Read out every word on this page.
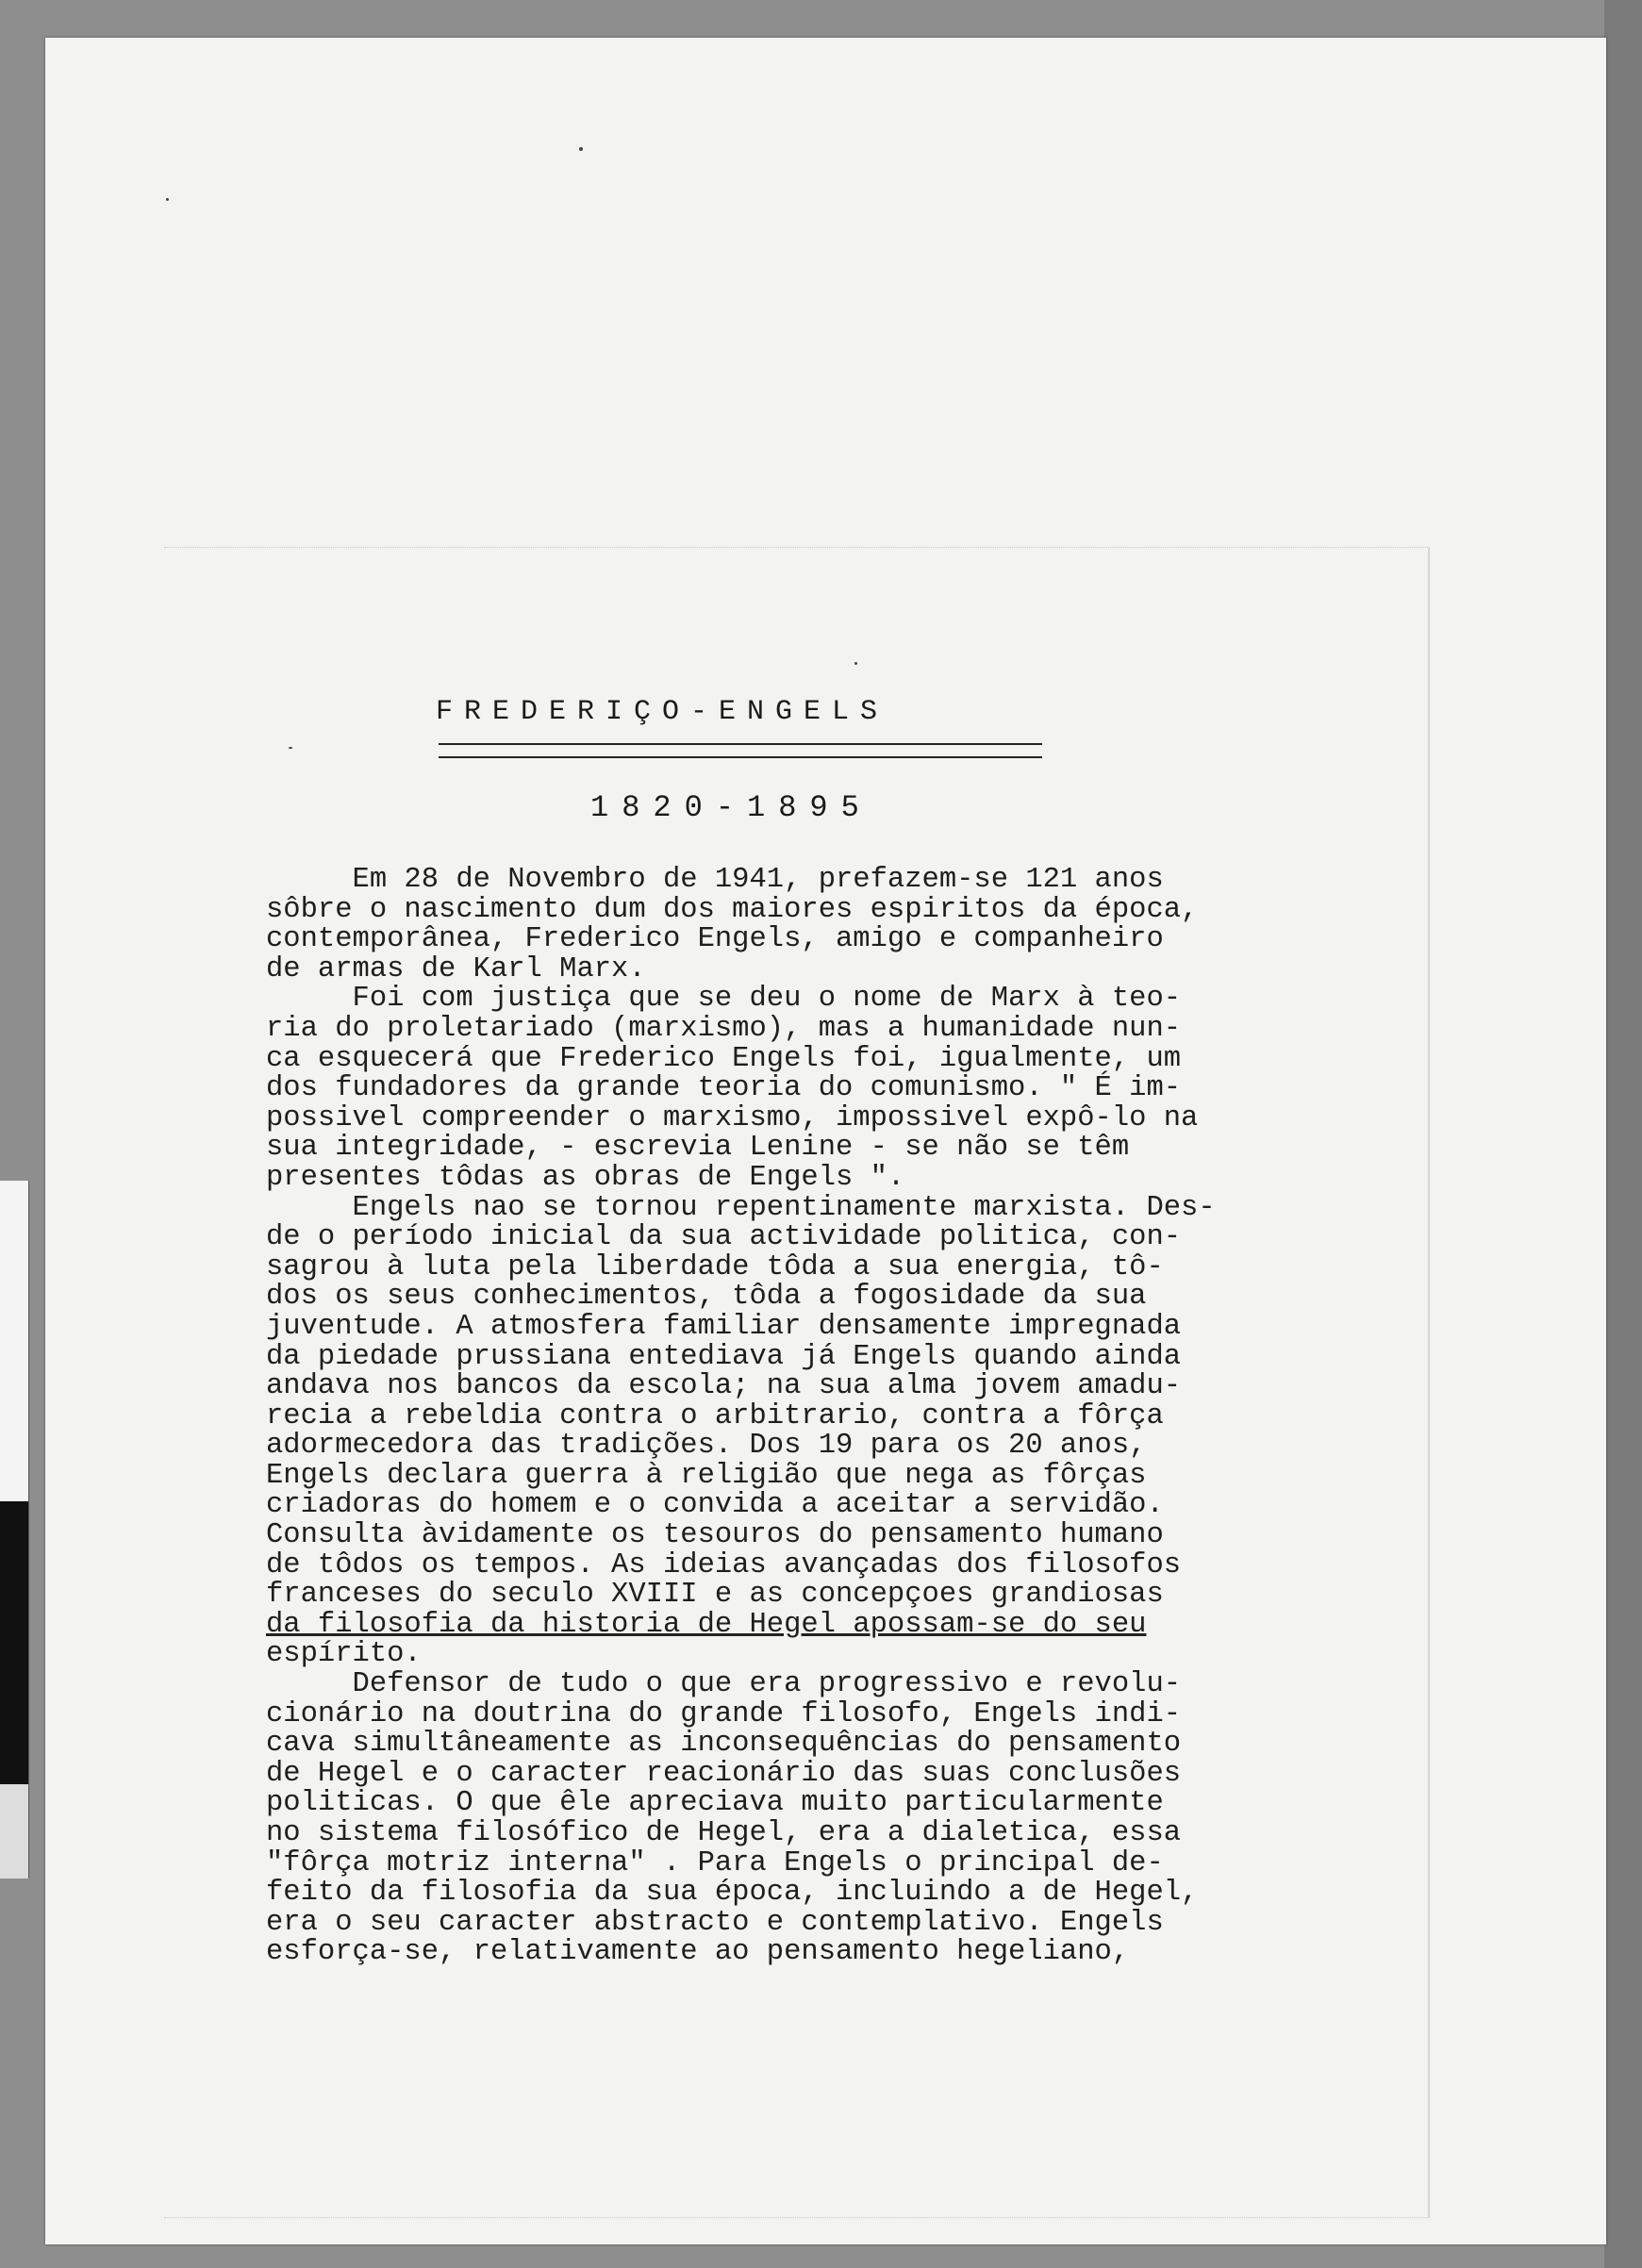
FREDERIÇO-ENGELS
1820-1895
Em 28 de Novembro de 1941, prefazem-se 121 anos
sôbre o nascimento dum dos maiores espiritos da época,
contemporânea, Frederico Engels, amigo e companheiro
de armas de Karl Marx.
Foi com justiça que se deu o nome de Marx à teo-
ria do proletariado (marxismo), mas a humanidade nun-
ca esquecerá que Frederico Engels foi, igualmente, um
dos fundadores da grande teoria do comunismo. " É im-
possivel compreender o marxismo, impossivel expô-lo na
sua integridade, - escrevia Lenine - se não se têm
presentes tôdas as obras de Engels ".
Engels nao se tornou repentinamente marxista. Des-
de o período inicial da sua actividade politica, con-
sagrou à luta pela liberdade tôda a sua energia, tô-
dos os seus conhecimentos, tôda a fogosidade da sua
juventude. A atmosfera familiar densamente impregnada
da piedade prussiana entediava já Engels quando ainda
andava nos bancos da escola; na sua alma jovem amadu-
recia a rebeldia contra o arbitrario, contra a fôrça
adormecedora das tradições. Dos 19 para os 20 anos,
Engels declara guerra à religião que nega as fôrças
criadoras do homem e o convida a aceitar a servidão.
Consulta àvidamente os tesouros do pensamento humano
de tôdos os tempos. As ideias avançadas dos filosofos
franceses do seculo XVIII e as concepçoes grandiosas
da filosofia da historia de Hegel apossam-se do seu
espírito.
Defensor de tudo o que era progressivo e revolu-
cionário na doutrina do grande filosofo, Engels indi-
cava simultâneamente as inconsequências do pensamento
de Hegel e o caracter reacionário das suas conclusões
politicas. O que êle apreciava muito particularmente
no sistema filosófico de Hegel, era a dialetica, essa
"fôrça motriz interna" . Para Engels o principal de-
feito da filosofia da sua época, incluindo a de Hegel,
era o seu caracter abstracto e contemplativo. Engels
esforça-se, relativamente ao pensamento hegeliano,
